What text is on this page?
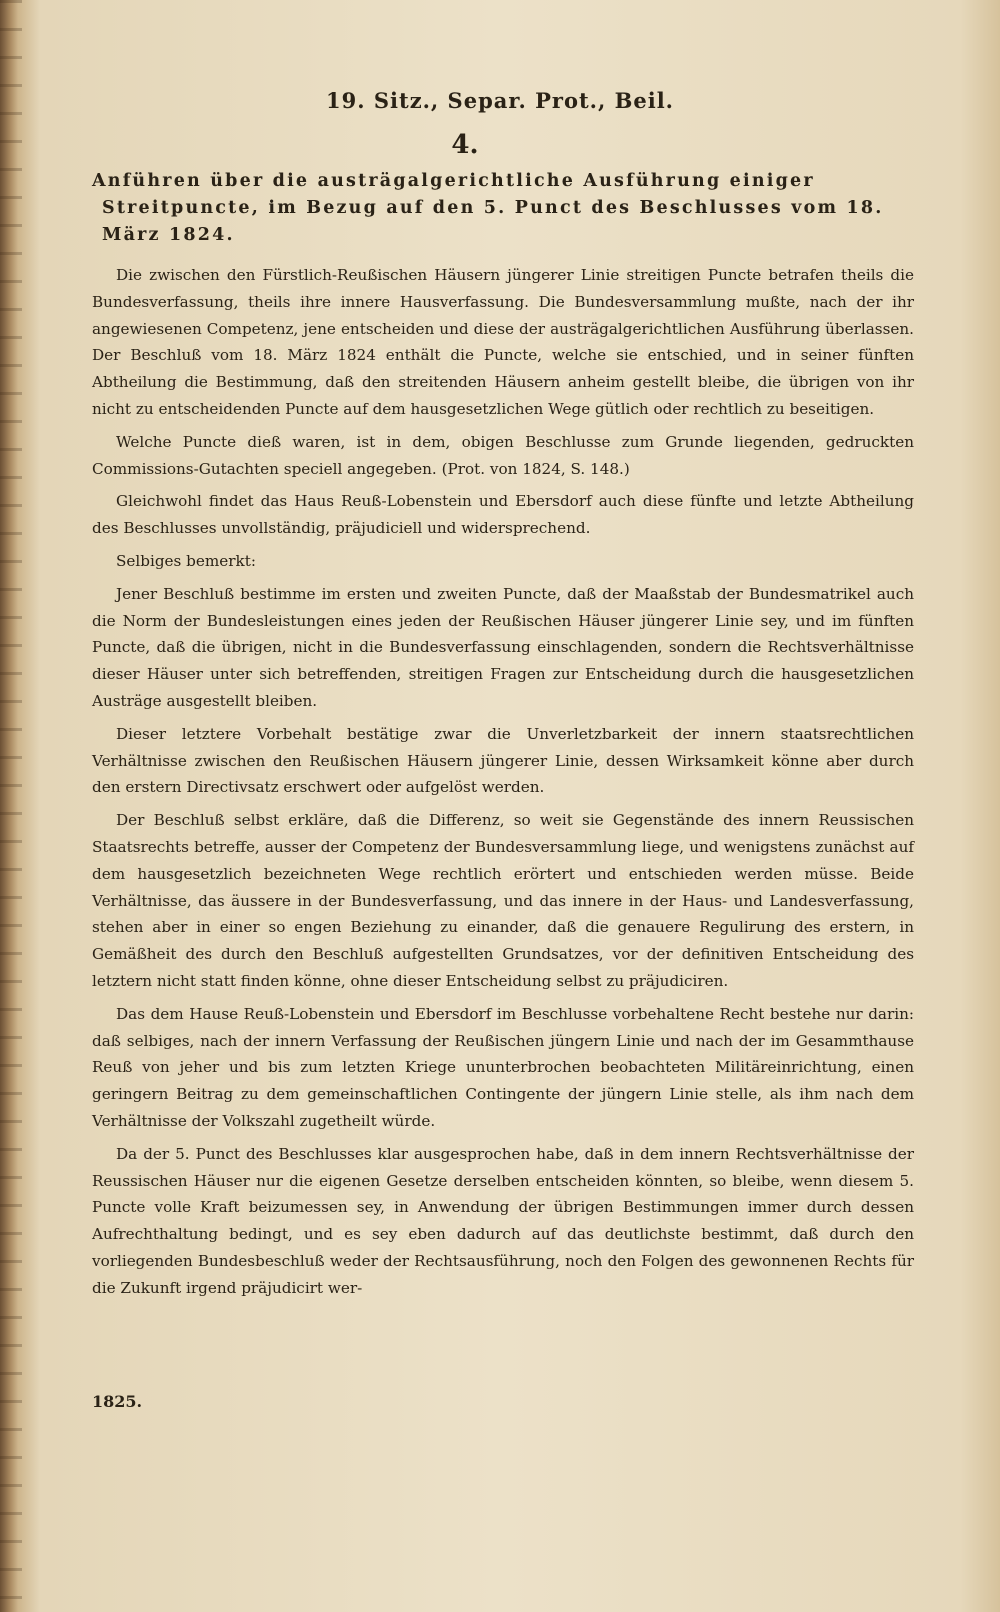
19. Sitz., Separ. Prot., Beil.
4.
Anführen über die austrägalgerichtliche Ausführung einiger Streitpuncte, im Bezug auf den 5. Punct des Beschlusses vom 18. März 1824.

Die zwischen den Fürstlich-Reußischen Häusern jüngerer Linie streitigen Puncte betrafen theils die Bundesverfassung, theils ihre innere Hausverfassung. Die Bundesversammlung mußte, nach der ihr angewiesenen Competenz, jene entscheiden und diese der austrägalgerichtlichen Ausführung überlassen. Der Beschluß vom 18. März 1824 enthält die Puncte, welche sie entschied, und in seiner fünften Abtheilung die Bestimmung, daß den streitenden Häusern anheim gestellt bleibe, die übrigen von ihr nicht zu entscheidenden Puncte auf dem hausgesetzlichen Wege gütlich oder rechtlich zu beseitigen.

Welche Puncte dieß waren, ist in dem, obigen Beschlusse zum Grunde liegenden, gedruckten Commissions-Gutachten speciell angegeben. (Prot. von 1824, S. 148.)

Gleichwohl findet das Haus Reuß-Lobenstein und Ebersdorf auch diese fünfte und letzte Abtheilung des Beschlusses unvollständig, präjudiciell und widersprechend.

Selbiges bemerkt:

Jener Beschluß bestimme im ersten und zweiten Puncte, daß der Maaßstab der Bundesmatrikel auch die Norm der Bundesleistungen eines jeden der Reußischen Häuser jüngerer Linie sey, und im fünften Puncte, daß die übrigen, nicht in die Bundesverfassung einschlagenden, sondern die Rechtsverhältnisse dieser Häuser unter sich betreffenden, streitigen Fragen zur Entscheidung durch die hausgesetzlichen Austräge ausgestellt bleiben.

Dieser letztere Vorbehalt bestätige zwar die Unverletzbarkeit der innern staatsrechtlichen Verhältnisse zwischen den Reußischen Häusern jüngerer Linie, dessen Wirksamkeit könne aber durch den erstern Directivsatz erschwert oder aufgelöst werden.

Der Beschluß selbst erkläre, daß die Differenz, so weit sie Gegenstände des innern Reussischen Staatsrechts betreffe, ausser der Competenz der Bundesversammlung liege, und wenigstens zunächst auf dem hausgesetzlich bezeichneten Wege rechtlich erörtert und entschieden werden müsse. Beide Verhältnisse, das äussere in der Bundesverfassung, und das innere in der Haus- und Landesverfassung, stehen aber in einer so engen Beziehung zu einander, daß die genauere Regulirung des erstern, in Gemäßheit des durch den Beschluß aufgestellten Grundsatzes, vor der definitiven Entscheidung des letztern nicht statt finden könne, ohne dieser Entscheidung selbst zu präjudiciren.

Das dem Hause Reuß-Lobenstein und Ebersdorf im Beschlusse vorbehaltene Recht bestehe nur darin: daß selbiges, nach der innern Verfassung der Reußischen jüngern Linie und nach der im Gesammthause Reuß von jeher und bis zum letzten Kriege ununterbrochen beobachteten Militäreinrichtung, einen geringern Beitrag zu dem gemeinschaftlichen Contingente der jüngern Linie stelle, als ihm nach dem Verhältnisse der Volkszahl zugetheilt würde.

Da der 5. Punct des Beschlusses klar ausgesprochen habe, daß in dem innern Rechtsverhältnisse der Reussischen Häuser nur die eigenen Gesetze derselben entscheiden könnten, so bleibe, wenn diesem 5. Puncte volle Kraft beizumessen sey, in Anwendung der übrigen Bestimmungen immer durch dessen Aufrechthaltung bedingt, und es sey eben dadurch auf das deutlichste bestimmt, daß durch den vorliegenden Bundesbeschluß weder der Rechtsausführung, noch den Folgen des gewonnenen Rechts für die Zukunft irgend präjudicirt wer-

1825.
